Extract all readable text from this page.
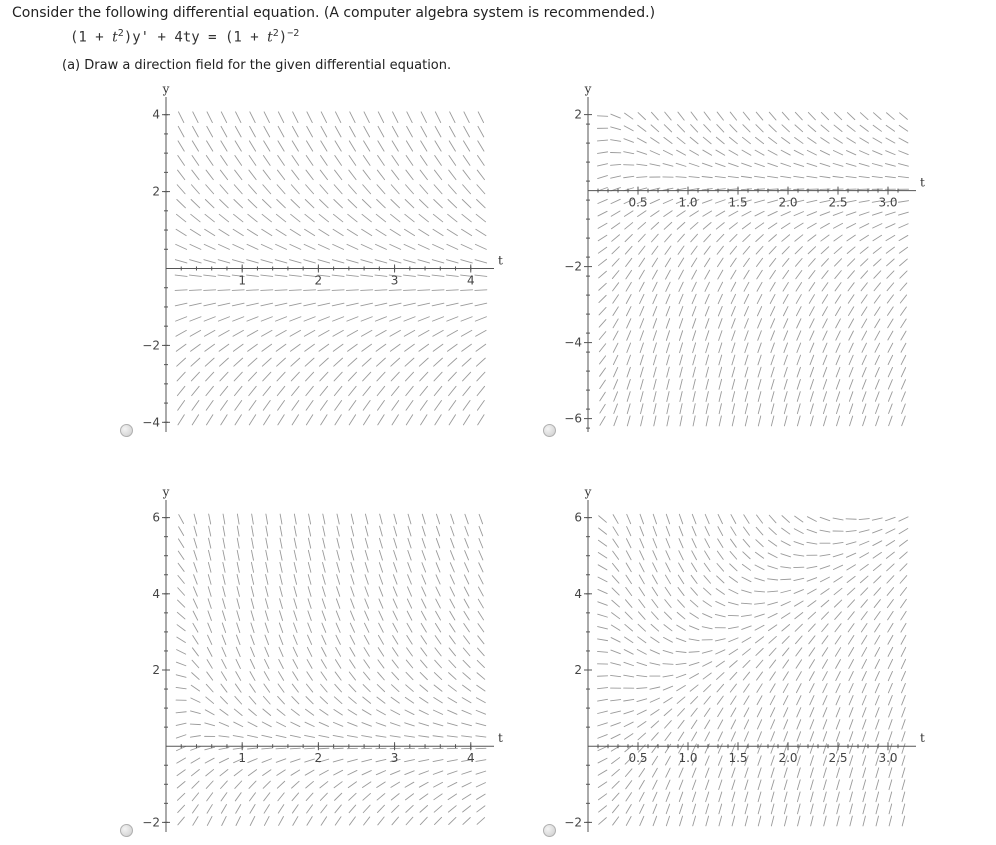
Consider the following differential equation. (A computer algebra system is recommended.)
$(1 + t^2)y' + 4ty = (1 + t^2)^{-2}$
(a) Draw a direction field for the given differential equation.
−4
−2
2
4
1	2	3	4
y
t
−6
−4
−2
2
0.5	1.0	1.5	2.0	2.5	3.0
y
t
−2
2
4
6
1	2	3	4
y
t
−2
2
4
6
0.5	1.0	1.5	2.0	2.5	3.0
y
t
